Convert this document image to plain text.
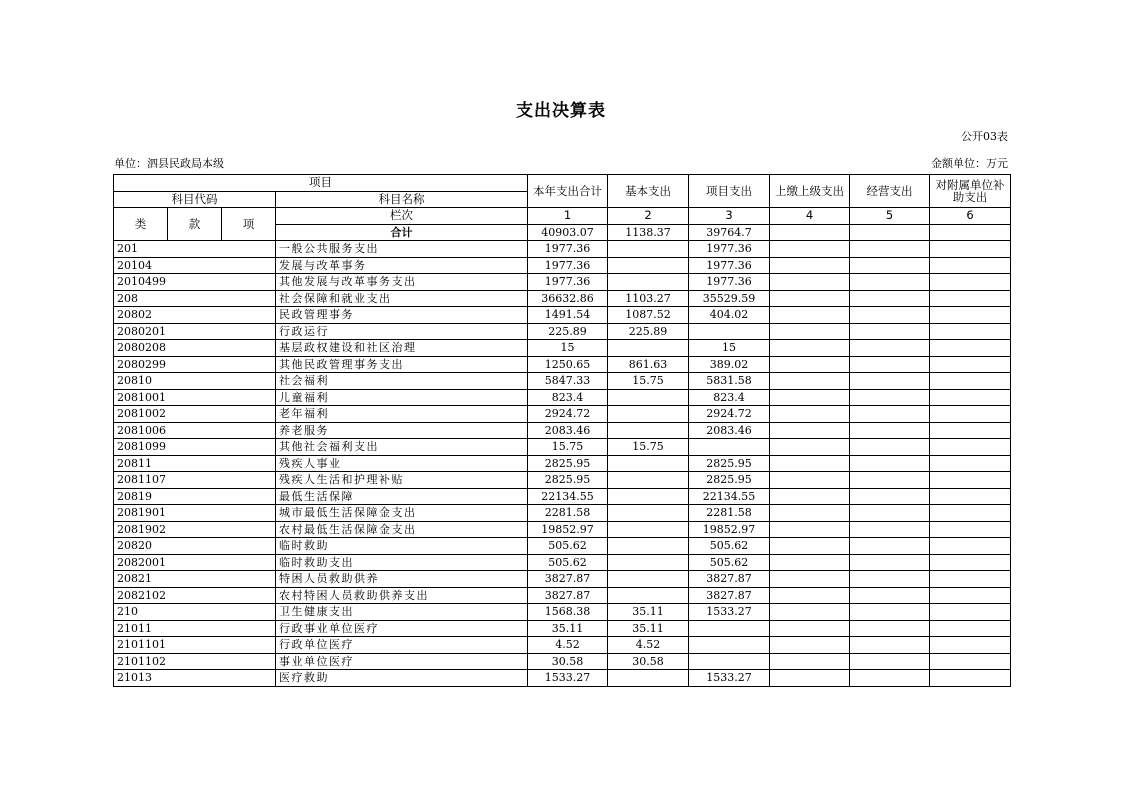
支出决算表
公开03表
单位：泗县民政局本级	金额单位：万元
项目				本年支出合计	基本支出	项目支出	上缴上级支出	经营支出	对附属单位补助支出
科目代码			科目名称						
类	款	项	栏次	1	2	3	4	5	6
			合计	40903.07	1138.37	39764.7			
201			一般公共服务支出	1977.36		1977.36			
20104			发展与改革事务	1977.36		1977.36			
2010499			其他发展与改革事务支出	1977.36		1977.36			
208			社会保障和就业支出	36632.86	1103.27	35529.59			
20802			民政管理事务	1491.54	1087.52	404.02			
2080201			行政运行	225.89	225.89				
2080208			基层政权建设和社区治理	15		15			
2080299			其他民政管理事务支出	1250.65	861.63	389.02			
20810			社会福利	5847.33	15.75	5831.58			
2081001			儿童福利	823.4		823.4			
2081002			老年福利	2924.72		2924.72			
2081006			养老服务	2083.46		2083.46			
2081099			其他社会福利支出	15.75	15.75				
20811			残疾人事业	2825.95		2825.95			
2081107			残疾人生活和护理补贴	2825.95		2825.95			
20819			最低生活保障	22134.55		22134.55			
2081901			城市最低生活保障金支出	2281.58		2281.58			
2081902			农村最低生活保障金支出	19852.97		19852.97			
20820			临时救助	505.62		505.62			
2082001			临时救助支出	505.62		505.62			
20821			特困人员救助供养	3827.87		3827.87			
2082102			农村特困人员救助供养支出	3827.87		3827.87			
210			卫生健康支出	1568.38	35.11	1533.27			
21011			行政事业单位医疗	35.11	35.11				
2101101			行政单位医疗	4.52	4.52				
2101102			事业单位医疗	30.58	30.58				
21013			医疗救助	1533.27		1533.27			
